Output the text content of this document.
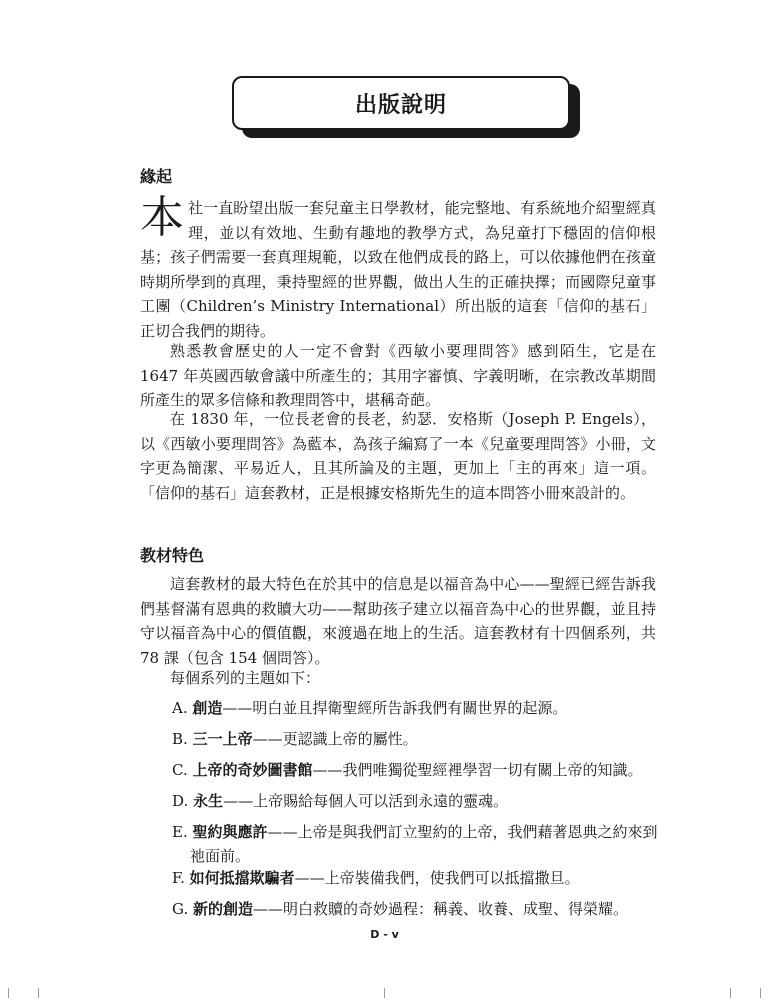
出版說明
緣起

本社一直盼望出版一套兒童主日學教材，能完整地、有系統地介紹聖經真理，並以有效地、生動有趣地的教學方式，為兒童打下穩固的信仰根基；孩子們需要一套真理規範，以致在他們成長的路上，可以依據他們在孩童時期所學到的真理，秉持聖經的世界觀，做出人生的正確抉擇；而國際兒童事工團（Children’s Ministry International）所出版的這套「信仰的基石」正切合我們的期待。

熟悉教會歷史的人一定不會對《西敏小要理問答》感到陌生，它是在 1647 年英國西敏會議中所產生的；其用字審慎、字義明晰，在宗教改革期間所產生的眾多信條和教理問答中，堪稱奇葩。

在 1830 年，一位長老會的長老，約瑟．安格斯（Joseph P. Engels），以《西敏小要理問答》為藍本，為孩子編寫了一本《兒童要理問答》小冊，文字更為簡潔、平易近人，且其所論及的主題，更加上「主的再來」這一項。「信仰的基石」這套教材，正是根據安格斯先生的這本問答小冊來設計的。

教材特色

這套教材的最大特色在於其中的信息是以福音為中心——聖經已經告訴我們基督滿有恩典的救贖大功——幫助孩子建立以福音為中心的世界觀，並且持守以福音為中心的價值觀，來渡過在地上的生活。這套教材有十四個系列，共 78 課（包含 154 個問答）。

每個系列的主題如下：

A. 創造——明白並且捍衛聖經所告訴我們有關世界的起源。

B. 三一上帝——更認識上帝的屬性。

C. 上帝的奇妙圖書館——我們唯獨從聖經裡學習一切有關上帝的知識。

D. 永生——上帝賜給每個人可以活到永遠的靈魂。

E. 聖約與應許——上帝是與我們訂立聖約的上帝，我們藉著恩典之約來到
祂面前。

F. 如何抵擋欺騙者——上帝裝備我們，使我們可以抵擋撒旦。

G. 新的創造——明白救贖的奇妙過程：稱義、收養、成聖、得榮耀。

D - v
